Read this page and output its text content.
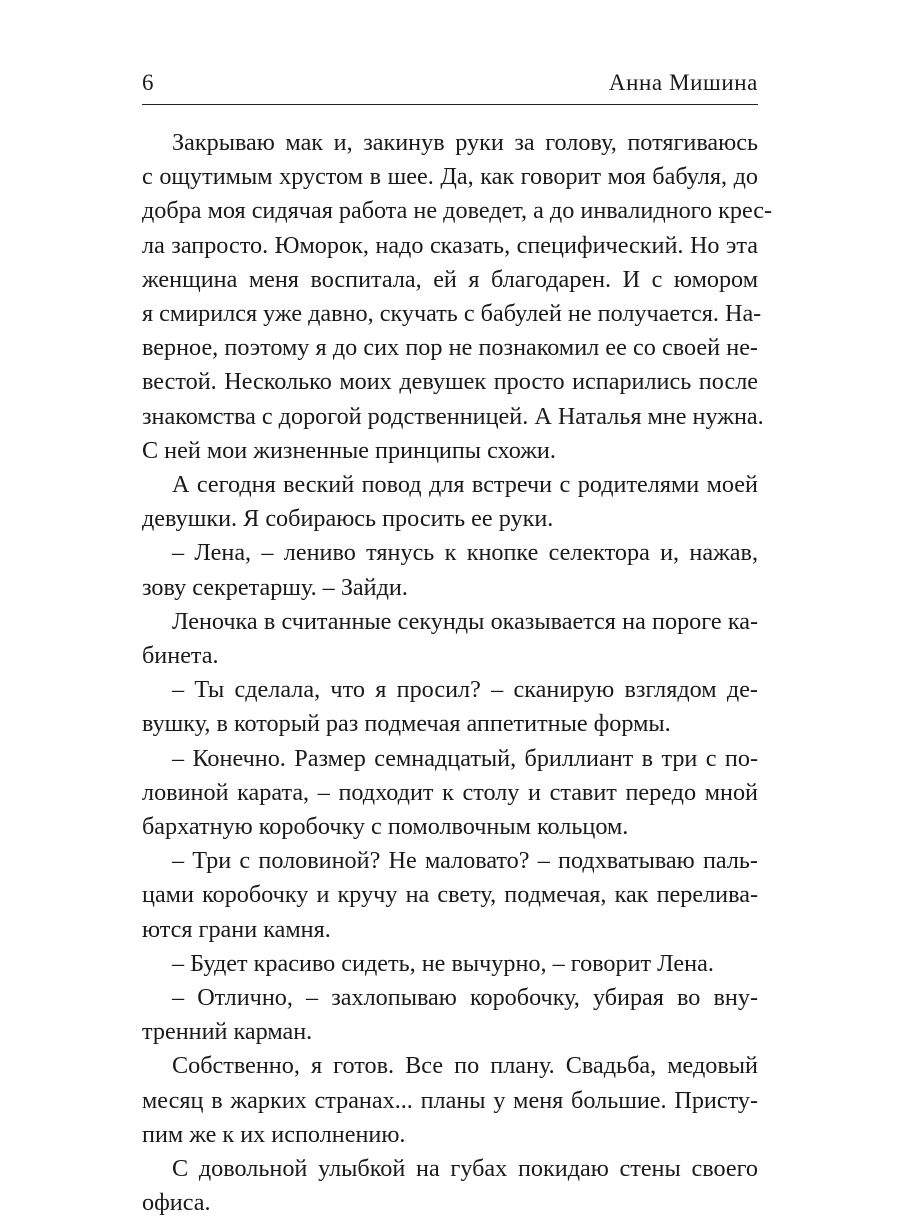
6	Анна Мишина

Закрываю мак и, закинув руки за голову, потягиваюсь
с ощутимым хрустом в шее. Да, как говорит моя бабуля, до
добра моя сидячая работа не доведет, а до инвалидного крес-
ла запросто. Юморок, надо сказать, специфический. Но эта
женщина меня воспитала, ей я благодарен. И с юмором
я смирился уже давно, скучать с бабулей не получается. На-
верное, поэтому я до сих пор не познакомил ее со своей не-
вестой. Несколько моих девушек просто испарились после
знакомства с дорогой родственницей. А Наталья мне нужна.
С ней мои жизненные принципы схожи.

А сегодня веский повод для встречи с родителями моей
девушки. Я собираюсь просить ее руки.

– Лена, – лениво тянусь к кнопке селектора и, нажав,
зову секретаршу. – Зайди.

Леночка в считанные секунды оказывается на пороге ка-
бинета.

– Ты сделала, что я просил? – сканирую взглядом де-
вушку, в который раз подмечая аппетитные формы.

– Конечно. Размер семнадцатый, бриллиант в три с по-
ловиной карата, – подходит к столу и ставит передо мной
бархатную коробочку с помолвочным кольцом.

– Три с половиной? Не маловато? – подхватываю паль-
цами коробочку и кручу на свету, подмечая, как перелива-
ются грани камня.

– Будет красиво сидеть, не вычурно, – говорит Лена.

– Отлично, – захлопываю коробочку, убирая во вну-
тренний карман.

Собственно, я готов. Все по плану. Свадьба, медовый
месяц в жарких странах... планы у меня большие. Присту-
пим же к их исполнению.

С довольной улыбкой на губах покидаю стены своего
офиса.
